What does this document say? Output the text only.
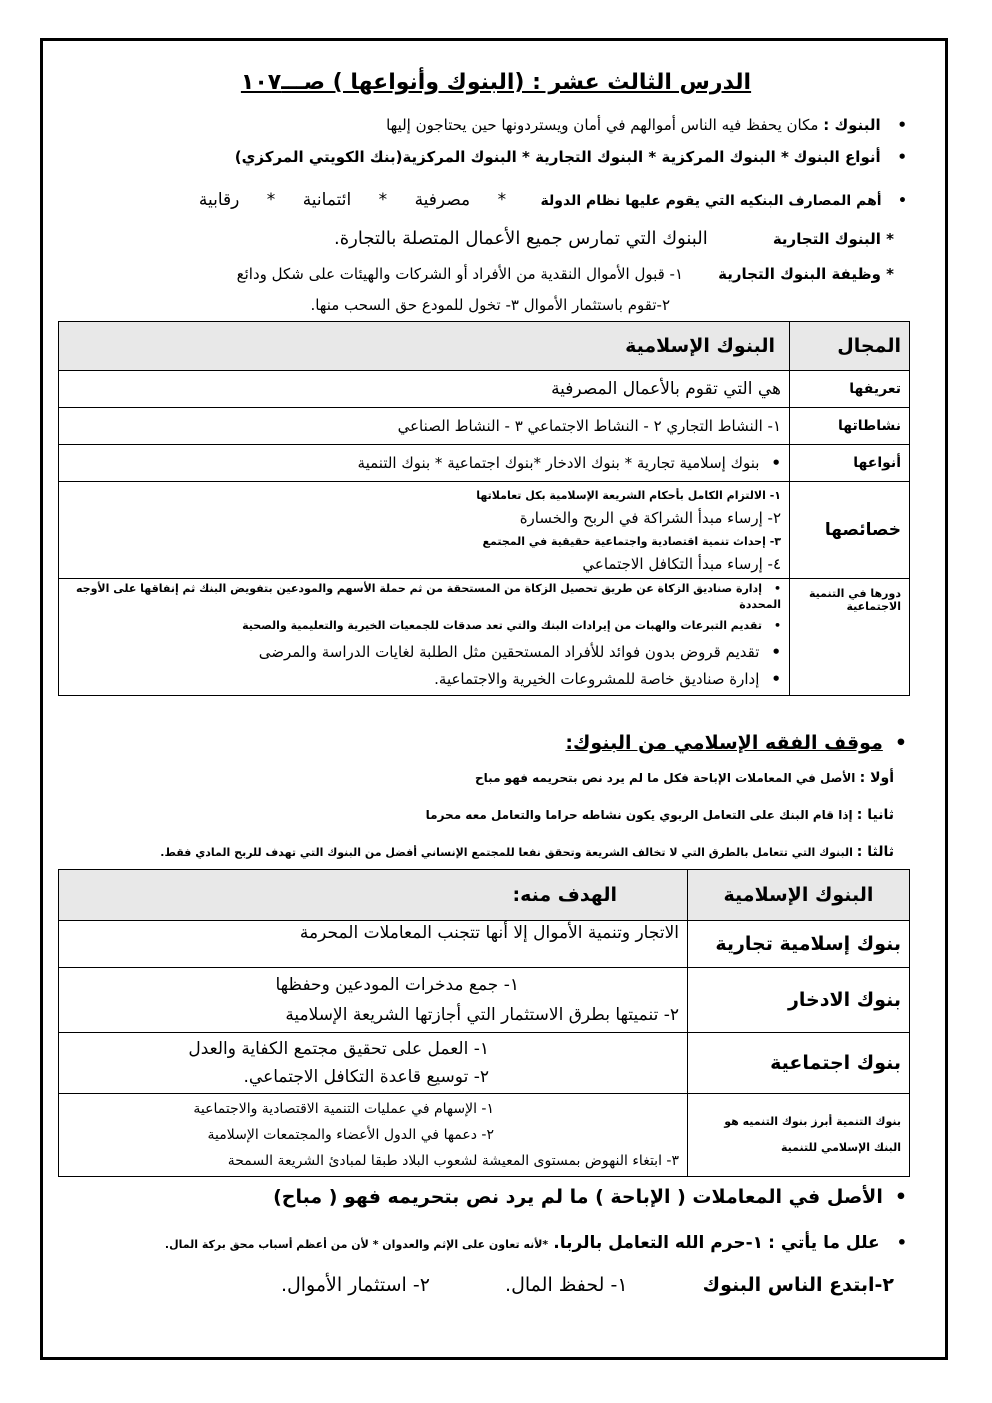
الدرس الثالث عشر : (البنوك وأنواعها ) صـــ١٠٧
• البنوك : مكان يحفظ فيه الناس أموالهم في أمان ويستردونها حين يحتاجون إليها
• أنواع البنوك * البنوك المركزية * البنوك التجارية * البنوك المركزية(بنك الكويتي المركزي)
• أهم المصارف البنكيه التي يقوم عليها نظام الدولة * مصرفية * ائتمانية * رقابية
* البنوك التجارية البنوك التي تمارس جميع الأعمال المتصلة بالتجارة.
* وظيفة البنوك التجارية ١- قبول الأموال النقدية من الأفراد أو الشركات والهيئات على شكل ودائع
٢-تقوم باستثمار الأموال ٣- تخول للمودع حق السحب منها.
المجال	البنوك الإسلامية
تعريفها	هي التي تقوم بالأعمال المصرفية
نشاطاتها	١- النشاط التجاري ٢ - النشاط الاجتماعي ٣ - النشاط الصناعي
أنواعها	• بنوك إسلامية تجارية * بنوك الادخار *بنوك اجتماعية * بنوك التنمية
خصائصها	١- الالتزام الكامل بأحكام الشريعة الإسلامية بكل تعاملاتها
٢- إرساء مبدأ الشراكة في الربح والخسارة
٣- إحداث تنمية اقتصادية واجتماعية حقيقية في المجتمع
٤- إرساء مبدأ التكافل الاجتماعي

دورها في التنمية الاجتماعية	• إدارة صناديق الزكاة عن طريق تحصيل الزكاة من المستحقة من ثم حملة الأسهم والمودعين بتفويض البنك ثم إنفاقها على الأوجه المحددة
• تقديم التبرعات والهبات من إيرادات البنك والتي تعد صدقات للجمعيات الخيرية والتعليمية والصحية
• تقديم قروض بدون فوائد للأفراد المستحقين مثل الطلبة لغايات الدراسة والمرضى
• إدارة صناديق خاصة للمشروعات الخيرية والاجتماعية.
• موقف الفقه الإسلامي من البنوك:
أولا : الأصل في المعاملات الإباحة فكل ما لم يرد نص بتحريمه فهو مباح
ثانيا : إذا قام البنك على التعامل الربوي يكون نشاطه حراما والتعامل معه محرما
ثالثا : البنوك التي تتعامل بالطرق التي لا تخالف الشريعة وتحقق نفعا للمجتمع الإنساني أفضل من البنوك التي تهدف للربح المادي فقط.
البنوك الإسلامية	الهدف منه:
بنوك إسلامية تجارية	الاتجار وتنمية الأموال إلا أنها تتجنب المعاملات المحرمة
بنوك الادخار	١- جمع مدخرات المودعين وحفظها
٢- تنميتها بطرق الاستثمار التي أجازتها الشريعة الإسلامية

بنوك اجتماعية	١- العمل على تحقيق مجتمع الكفاية والعدل
٢- توسيع قاعدة التكافل الاجتماعي.

بنوك التنمية أبرز بنوك التنميه هو البنك الإسلامي للتنمية	١- الإسهام في عمليات التنمية الاقتصادية والاجتماعية
٢- دعمها في الدول الأعضاء والمجتمعات الإسلامية
٣- ابتغاء النهوض بمستوى المعيشة لشعوب البلاد طبقا لمبادئ الشريعة السمحة
• الأصل في المعاملات ( الإباحة ) ما لم يرد نص بتحريمه فهو ( مباح)
• علل ما يأتي : ١-حرم الله التعامل بالربا. *لأنه تعاون على الإثم والعدوان * لأن من أعظم أسباب محق بركة المال.
٢-ابتدع الناس البنوك ١- لحفظ المال. ٢- استثمار الأموال.
